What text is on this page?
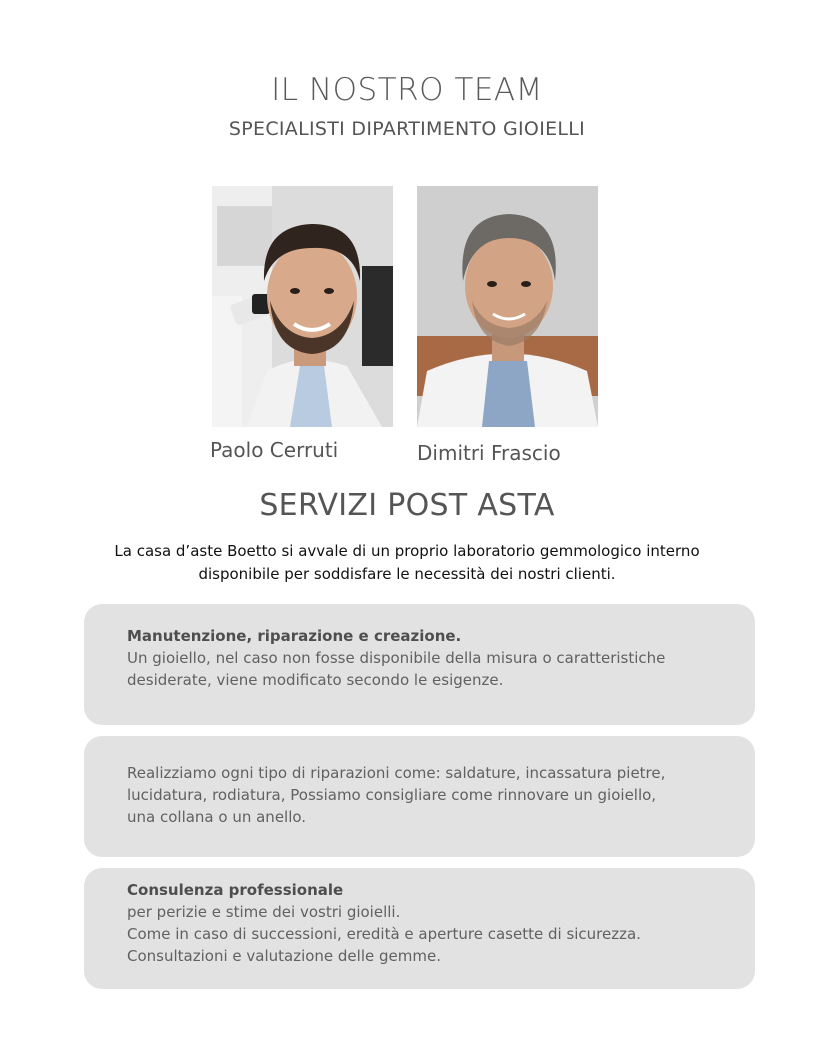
IL NOSTRO TEAM
SPECIALISTI DIPARTIMENTO GIOIELLI
Paolo Cerruti	Dimitri Frascio
SERVIZI POST ASTA
La casa d’aste Boetto si avvale di un proprio laboratorio gemmologico interno
disponibile per soddisfare le necessità dei nostri clienti.
Manutenzione, riparazione e creazione.
Un gioiello, nel caso non fosse disponibile della misura o caratteristiche
desiderate, viene modificato secondo le esigenze.
Realizziamo ogni tipo di riparazioni come: saldature, incassatura pietre,
lucidatura, rodiatura, Possiamo consigliare come rinnovare un gioiello,
una collana o un anello.
Consulenza professionale
per perizie e stime dei vostri gioielli.
Come in caso di successioni, eredità e aperture casette di sicurezza.
Consultazioni e valutazione delle gemme.
